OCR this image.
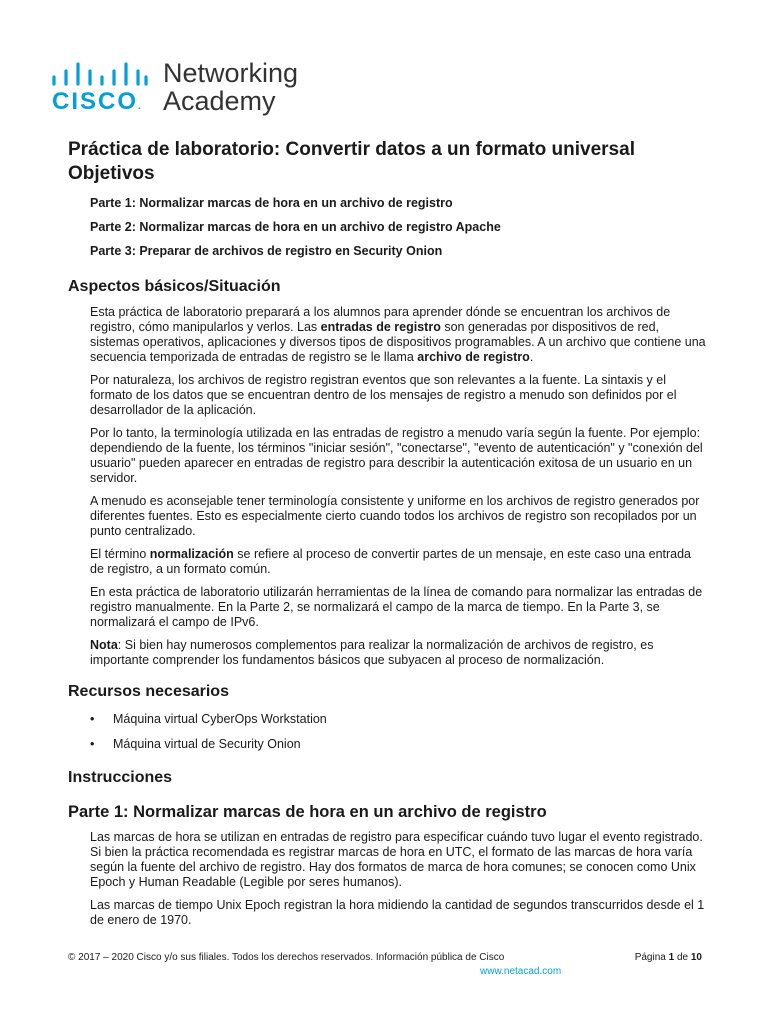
CISCO.
Networking
Academy
Práctica de laboratorio: Convertir datos a un formato universal
Objetivos
Parte 1: Normalizar marcas de hora en un archivo de registro
Parte 2: Normalizar marcas de hora en un archivo de registro Apache
Parte 3: Preparar de archivos de registro en Security Onion
Aspectos básicos/Situación

Esta práctica de laboratorio preparará a los alumnos para aprender dónde se encuentran los archivos de registro, cómo manipularlos y verlos. Las entradas de registro son generadas por dispositivos de red, sistemas operativos, aplicaciones y diversos tipos de dispositivos programables. A un archivo que contiene una secuencia temporizada de entradas de registro se le llama archivo de registro.

Por naturaleza, los archivos de registro registran eventos que son relevantes a la fuente. La sintaxis y el formato de los datos que se encuentran dentro de los mensajes de registro a menudo son definidos por el desarrollador de la aplicación.

Por lo tanto, la terminología utilizada en las entradas de registro a menudo varía según la fuente. Por ejemplo: dependiendo de la fuente, los términos "iniciar sesión", "conectarse", "evento de autenticación" y "conexión del usuario" pueden aparecer en entradas de registro para describir la autenticación exitosa de un usuario en un servidor.

A menudo es aconsejable tener terminología consistente y uniforme en los archivos de registro generados por diferentes fuentes. Esto es especialmente cierto cuando todos los archivos de registro son recopilados por un punto centralizado.

El término normalización se refiere al proceso de convertir partes de un mensaje, en este caso una entrada de registro, a un formato común.

En esta práctica de laboratorio utilizarán herramientas de la línea de comando para normalizar las entradas de registro manualmente. En la Parte 2, se normalizará el campo de la marca de tiempo. En la Parte 3, se normalizará el campo de IPv6.

Nota: Si bien hay numerosos complementos para realizar la normalización de archivos de registro, es importante comprender los fundamentos básicos que subyacen al proceso de normalización.

Recursos necesarios
• Máquina virtual CyberOps Workstation
• Máquina virtual de Security Onion
Instrucciones
Parte 1: Normalizar marcas de hora en un archivo de registro

Las marcas de hora se utilizan en entradas de registro para especificar cuándo tuvo lugar el evento registrado. Si bien la práctica recomendada es registrar marcas de hora en UTC, el formato de las marcas de hora varía según la fuente del archivo de registro. Hay dos formatos de marca de hora comunes; se conocen como Unix Epoch y Human Readable (Legible por seres humanos).

Las marcas de tiempo Unix Epoch registran la hora midiendo la cantidad de segundos transcurridos desde el 1 de enero de 1970.

© 2017 – 2020 Cisco y/o sus filiales. Todos los derechos reservados. Información pública de Cisco	Página 1 de 10
www.netacad.com
